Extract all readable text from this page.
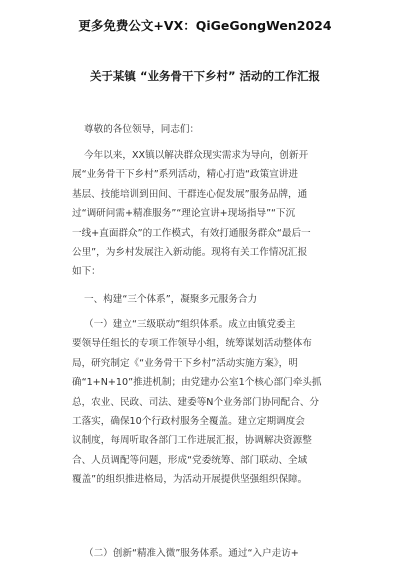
更多免费公文+VX：QiGeGongWen2024
关于某镇 “业务骨干下乡村” 活动的工作汇报
尊敬的各位领导，同志们：
今年以来，XX镇以解决群众现实需求为导向，创新开
展“业务骨干下乡村”系列活动，精心打造“政策宣讲进
基层、技能培训到田间、干群连心促发展”服务品牌，通
过“调研问需+精准服务”“理论宣讲+现场指导”“下沉
一线+直面群众”的工作模式，有效打通服务群众“最后一
公里”，为乡村发展注入新动能。现将有关工作情况汇报
如下：
一、构建“三个体系”，凝聚多元服务合力
（一）建立“三级联动”组织体系。成立由镇党委主
要领导任组长的专项工作领导小组，统筹谋划活动整体布
局，研究制定《“业务骨干下乡村”活动实施方案》，明
确“1+N+10”推进机制；由党建办公室1个核心部门牵头抓
总，农业、民政、司法、建委等N个业务部门协同配合、分
工落实，确保10个行政村服务全覆盖。建立定期调度会
议制度，每周听取各部门工作进展汇报，协调解决资源整
合、人员调配等问题，形成“党委统筹、部门联动、全域
覆盖”的组织推进格局，为活动开展提供坚强组织保障。
（二）创新“精准入微”服务体系。通过“入户走访+
